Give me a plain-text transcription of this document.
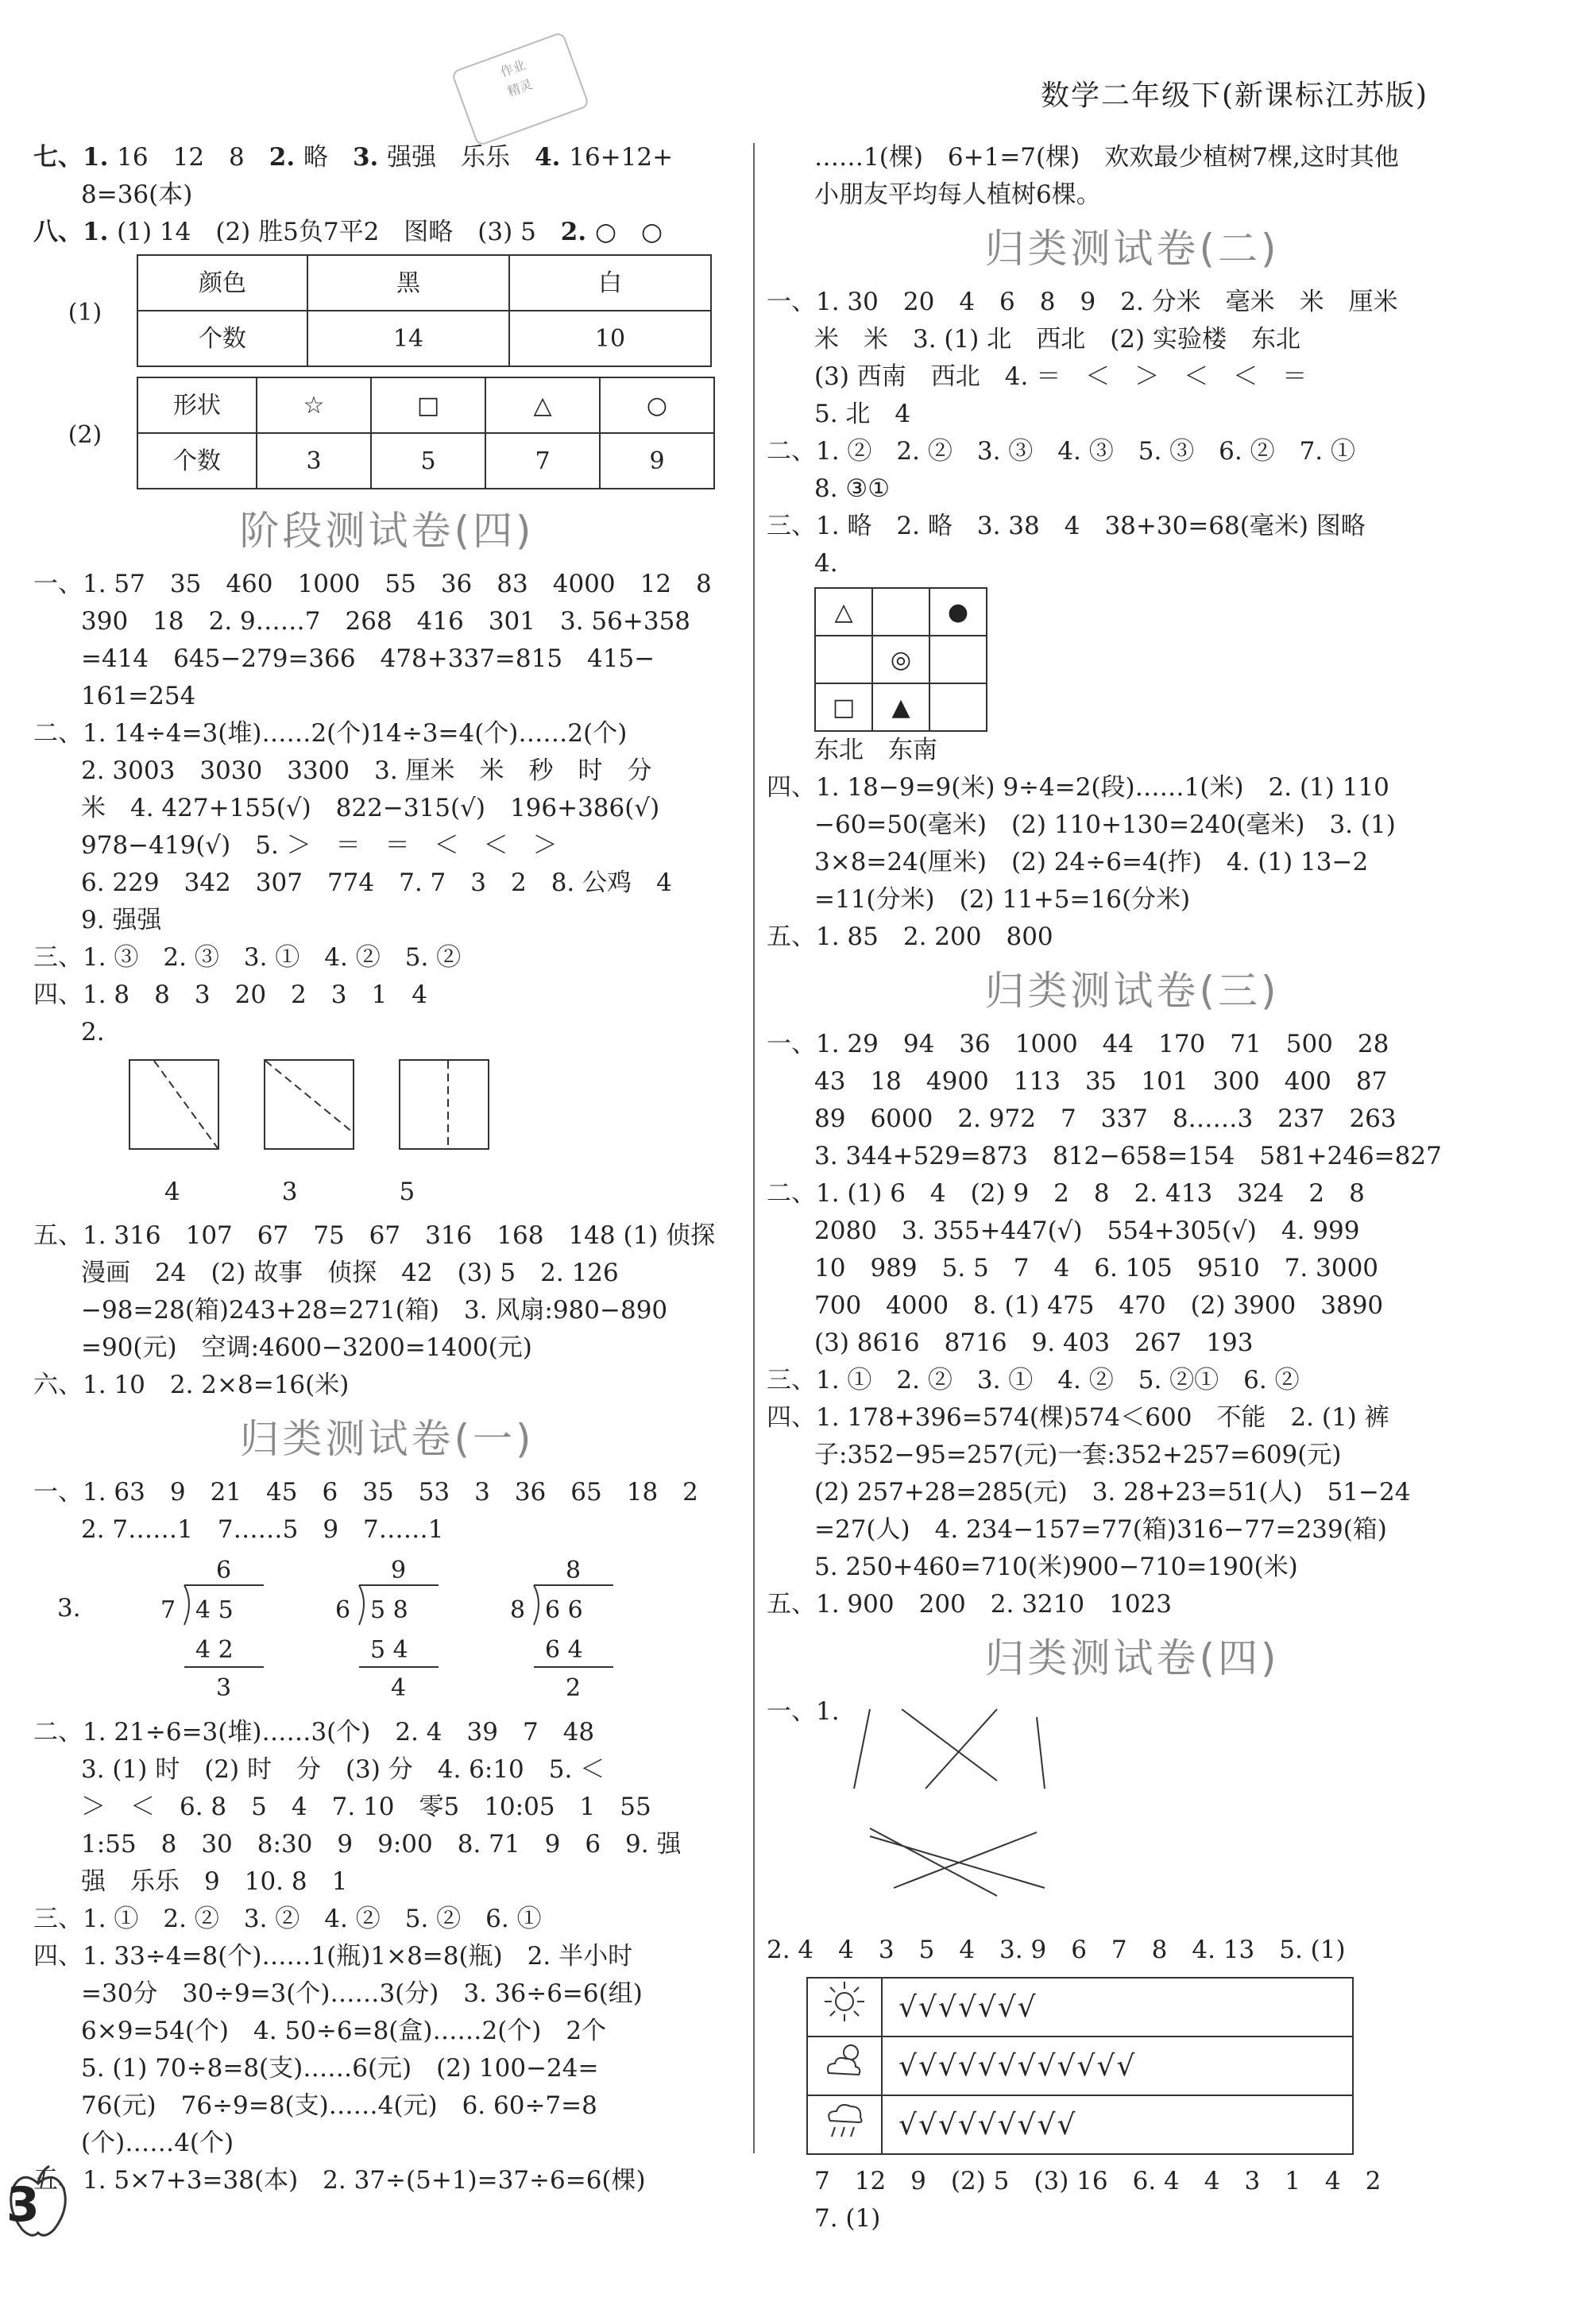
作业
精灵	数学二年级下(新课标江苏版)
七、1. 16　12　8　2. 略　3. 强强　乐乐　4. 16+12+
8=36(本)
八、1. (1) 14　(2) 胜5负7平2　图略　(3) 5　2. ○　○
(1)
颜色	黑	白
个数	14	10
(2)
形状	☆	□	△	○
个数	3	5	7	9
阶段测试卷(四)
一、1. 57　35　460　1000　55　36　83　4000　12　8
390　18　2. 9……7　268　416　301　3. 56+358
=414　645−279=366　478+337=815　415−
161=254
二、1. 14÷4=3(堆)……2(个)14÷3=4(个)……2(个)
2. 3003　3030　3300　3. 厘米　米　秒　时　分
米　4. 427+155(√)　822−315(√)　196+386(√)
978−419(√)　5. ＞　＝　＝　＜　＜　＞
6. 229　342　307　774　7. 7　3　2　8. 公鸡　4
9. 强强
三、1. ③　2. ③　3. ①　4. ②　5. ②
四、1. 8　8　3　20　2　3　1　4
2.
4	3	5
五、1. 316　107　67　75　67　316　168　148 (1) 侦探
漫画　24　(2) 故事　侦探　42　(3) 5　2. 126
−98=28(箱)243+28=271(箱)　3. 风扇:980−890
=90(元)　空调:4600−3200=1400(元)
六、1. 10　2. 2×8=16(米)
归类测试卷(一)
一、1. 63　9　21　45　6　35　53　3　36　65　18　2
2. 7……1　7……5　9　7……1
3.
6
7 4 5
4 2
3
9
6 5 8
5 4
4
8
8 6 6
6 4
2
二、1. 21÷6=3(堆)……3(个)　2. 4　39　7　48
3. (1) 时　(2) 时　分　(3) 分　4. 6:10　5. ＜
＞　＜　6. 8　5　4　7. 10　零5　10:05　1　55
1:55　8　30　8:30　9　9:00　8. 71　9　6　9. 强
强　乐乐　9　10. 8　1
三、1. ①　2. ②　3. ②　4. ②　5. ②　6. ①
四、1. 33÷4=8(个)……1(瓶)1×8=8(瓶)　2. 半小时
=30分　30÷9=3(个)……3(分)　3. 36÷6=6(组)
6×9=54(个)　4. 50÷6=8(盒)……2(个)　2个
5. (1) 70÷8=8(支)……6(元)　(2) 100−24=
76(元)　76÷9=8(支)……4(元)　6. 60÷7=8
(个)……4(个)
五、1. 5×7+3=38(本)　2. 37÷(5+1)=37÷6=6(棵)
……1(棵)　6+1=7(棵)　欢欢最少植树7棵,这时其他
小朋友平均每人植树6棵。
归类测试卷(二)
一、1. 30　20　4　6　8　9　2. 分米　毫米　米　厘米
米　米　3. (1) 北　西北　(2) 实验楼　东北
(3) 西南　西北　4. ＝　＜　＞　＜　＜　＝
5. 北　4
二、1. ②　2. ②　3. ③　4. ③　5. ③　6. ②　7. ①
8. ③①
三、1. 略　2. 略　3. 38　4　38+30=68(毫米) 图略
4.
△		●
	◎	
□	▲	
东北　东南
四、1. 18−9=9(米) 9÷4=2(段)……1(米)　2. (1) 110
−60=50(毫米)　(2) 110+130=240(毫米)　3. (1)
3×8=24(厘米)　(2) 24÷6=4(拃)　4. (1) 13−2
=11(分米)　(2) 11+5=16(分米)
五、1. 85　2. 200　800
归类测试卷(三)
一、1. 29　94　36　1000　44　170　71　500　28
43　18　4900　113　35　101　300　400　87
89　6000　2. 972　7　337　8……3　237　263
3. 344+529=873　812−658=154　581+246=827
二、1. (1) 6　4　(2) 9　2　8　2. 413　324　2　8
2080　3. 355+447(√)　554+305(√)　4. 999
10　989　5. 5　7　4　6. 105　9510　7. 3000
700　4000　8. (1) 475　470　(2) 3900　3890
(3) 8616　8716　9. 403　267　193
三、1. ①　2. ②　3. ①　4. ②　5. ②①　6. ②
四、1. 178+396=574(棵)574＜600　不能　2. (1) 裤
子:352−95=257(元)一套:352+257=609(元)
(2) 257+28=285(元)　3. 28+23=51(人)　51−24
=27(人)　4. 234−157=77(箱)316−77=239(箱)
5. 250+460=710(米)900−710=190(米)
五、1. 900　200　2. 3210　1023
归类测试卷(四)
一、1.
2. 4　4　3　5　4　3. 9　6　7　8　4. 13　5. (1)
	√√√√√√√
	√√√√√√√√√√√√
	√√√√√√√√√
7　12　9　(2) 5　(3) 16　6. 4　4　3　1　4　2
7. (1)
3
